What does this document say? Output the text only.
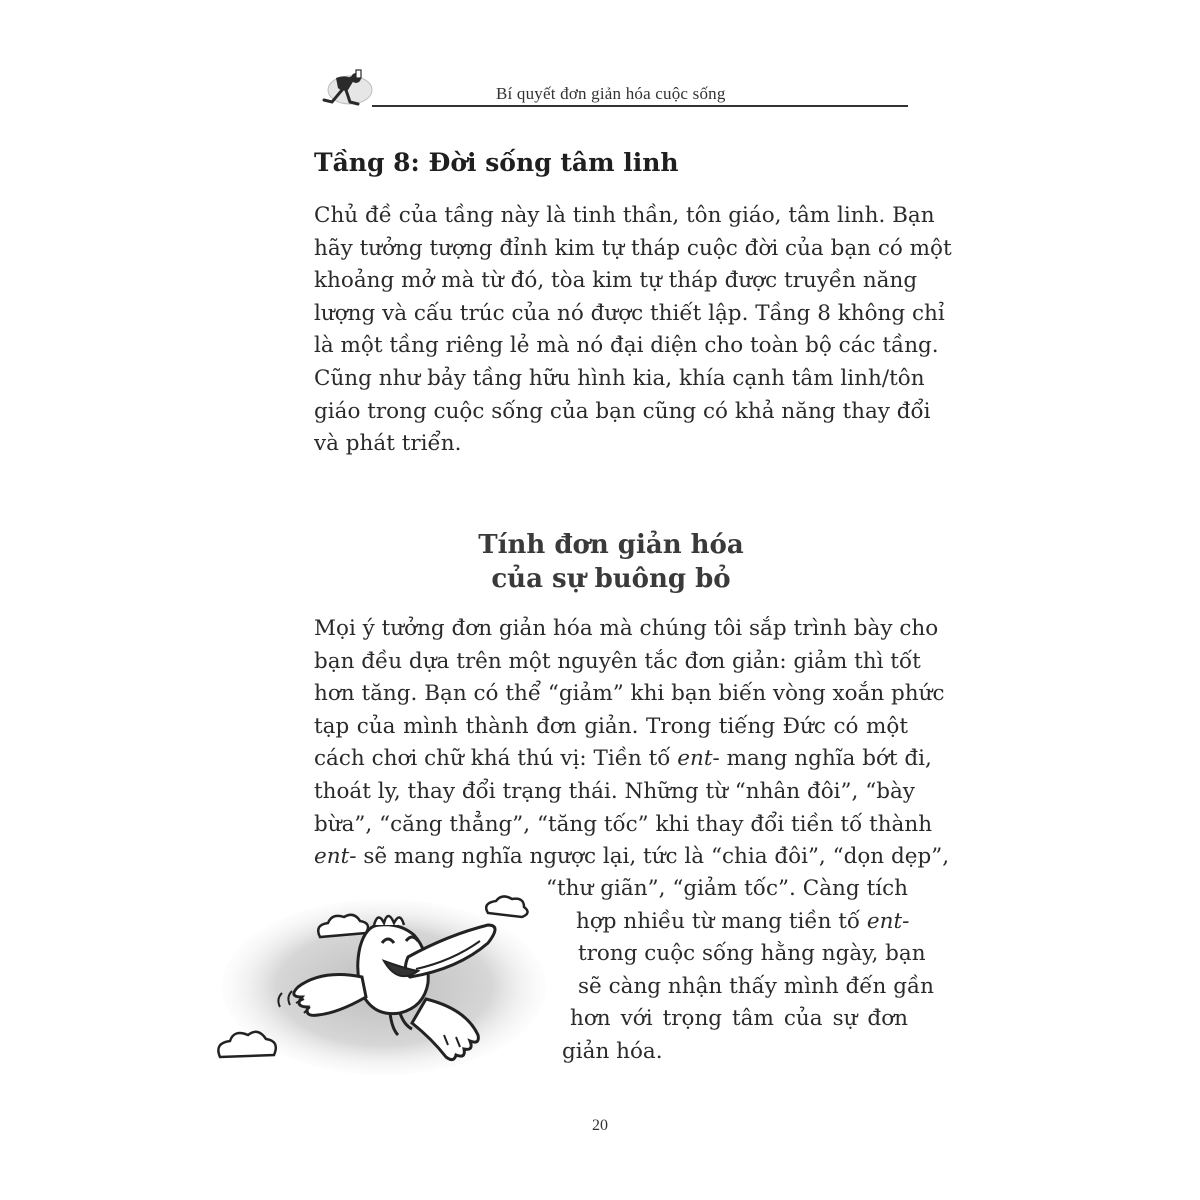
Bí quyết đơn giản hóa cuộc sống
Tầng 8: Đời sống tâm linh
Chủ đề của tầng này là tinh thần, tôn giáo, tâm linh. Bạn
hãy tưởng tượng đỉnh kim tự tháp cuộc đời của bạn có một
khoảng mở mà từ đó, tòa kim tự tháp được truyền năng
lượng và cấu trúc của nó được thiết lập. Tầng 8 không chỉ
là một tầng riêng lẻ mà nó đại diện cho toàn bộ các tầng.
Cũng như bảy tầng hữu hình kia, khía cạnh tâm linh/tôn
giáo trong cuộc sống của bạn cũng có khả năng thay đổi
và phát triển.
Tính đơn giản hóa
của sự buông bỏ
Mọi ý tưởng đơn giản hóa mà chúng tôi sắp trình bày cho
bạn đều dựa trên một nguyên tắc đơn giản: giảm thì tốt
hơn tăng. Bạn có thể “giảm” khi bạn biến vòng xoắn phức
tạp của mình thành đơn giản. Trong tiếng Đức có một
cách chơi chữ khá thú vị: Tiền tố ent- mang nghĩa bớt đi,
thoát ly, thay đổi trạng thái. Những từ “nhân đôi”, “bày
bừa”, “căng thẳng”, “tăng tốc” khi thay đổi tiền tố thành
ent- sẽ mang nghĩa ngược lại, tức là “chia đôi”, “dọn dẹp”,
“thư giãn”, “giảm tốc”. Càng tích
hợp nhiều từ mang tiền tố ent-
trong cuộc sống hằng ngày, bạn
sẽ càng nhận thấy mình đến gần
hơn với trọng tâm của sự đơn
giản hóa.
20
